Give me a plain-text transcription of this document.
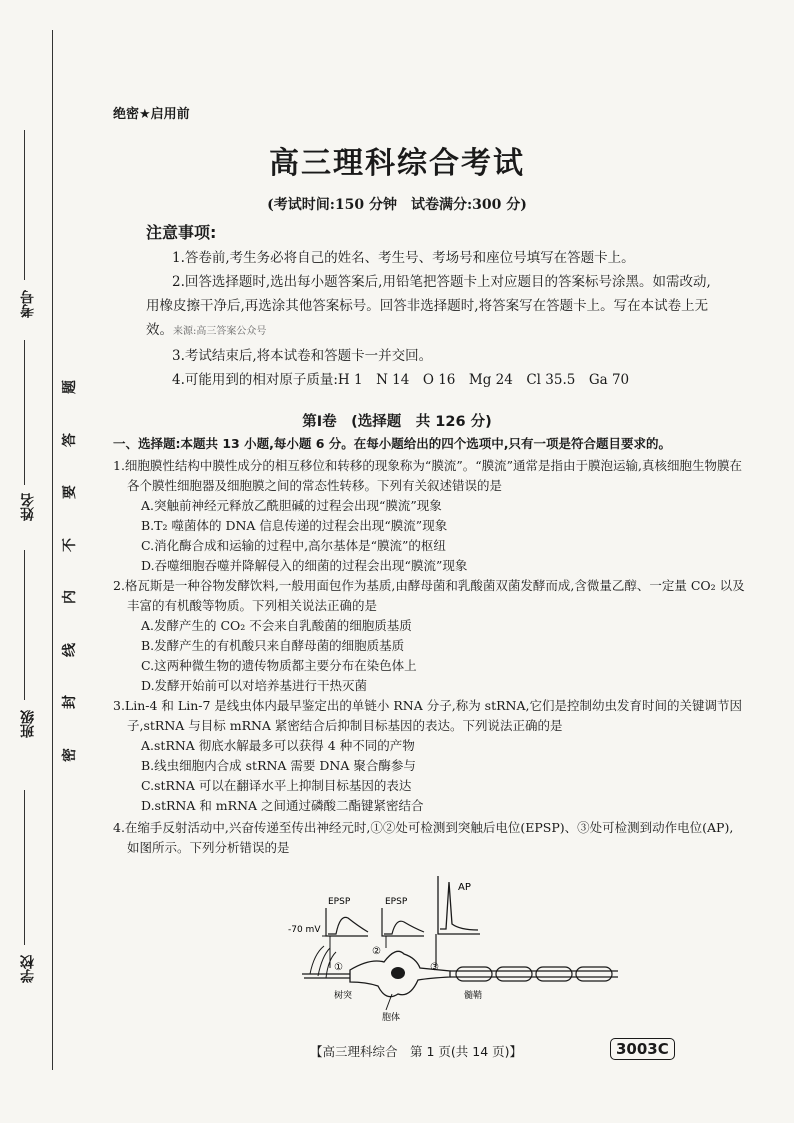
考号
姓名
班级
学校
题
答
要
不
内
线
封
密
绝密★启用前
高三理科综合考试
(考试时间:150 分钟　试卷满分:300 分)
注意事项:

1.答卷前,考生务必将自己的姓名、考生号、考场号和座位号填写在答题卡上。

2.回答选择题时,选出每小题答案后,用铅笔把答题卡上对应题目的答案标号涂黑。如需改动,用橡皮擦干净后,再选涂其他答案标号。回答非选择题时,将答案写在答题卡上。写在本试卷上无效。来源:高三答案公众号

3.考试结束后,将本试卷和答题卡一并交回。

4.可能用到的相对原子质量:H 1　N 14　O 16　Mg 24　Cl 35.5　Ga 70

第Ⅰ卷　(选择题　共 126 分)
一、选择题:本题共 13 小题,每小题 6 分。在每小题给出的四个选项中,只有一项是符合题目要求的。

1.细胞膜性结构中膜性成分的相互移位和转移的现象称为“膜流”。“膜流”通常是指由于膜泡运输,真核细胞生物膜在各个膜性细胞器及细胞膜之间的常态性转移。下列有关叙述错误的是

A.突触前神经元释放乙酰胆碱的过程会出现“膜流”现象

B.T₂ 噬菌体的 DNA 信息传递的过程会出现“膜流”现象

C.消化酶合成和运输的过程中,高尔基体是“膜流”的枢纽

D.吞噬细胞吞噬并降解侵入的细菌的过程会出现“膜流”现象

2.格瓦斯是一种谷物发酵饮料,一般用面包作为基质,由酵母菌和乳酸菌双菌发酵而成,含微量乙醇、一定量 CO₂ 以及丰富的有机酸等物质。下列相关说法正确的是

A.发酵产生的 CO₂ 不会来自乳酸菌的细胞质基质

B.发酵产生的有机酸只来自酵母菌的细胞质基质

C.这两种微生物的遗传物质都主要分布在染色体上

D.发酵开始前可以对培养基进行干热灭菌

3.Lin-4 和 Lin-7 是线虫体内最早鉴定出的单链小 RNA 分子,称为 stRNA,它们是控制幼虫发育时间的关键调节因子,stRNA 与目标 mRNA 紧密结合后抑制目标基因的表达。下列说法正确的是

A.stRNA 彻底水解最多可以获得 4 种不同的产物

B.线虫细胞内合成 stRNA 需要 DNA 聚合酶参与

C.stRNA 可以在翻译水平上抑制目标基因的表达

D.stRNA 和 mRNA 之间通过磷酸二酯键紧密结合

4.在缩手反射活动中,兴奋传递至传出神经元时,①②处可检测到突触后电位(EPSP)、③处可检测到动作电位(AP),如图所示。下列分析错误的是

AP
EPSP	EPSP
-70 mV
①
②
③
树突
胞体
髓鞘
【高三理科综合　第 1 页(共 14 页)】	3003C
